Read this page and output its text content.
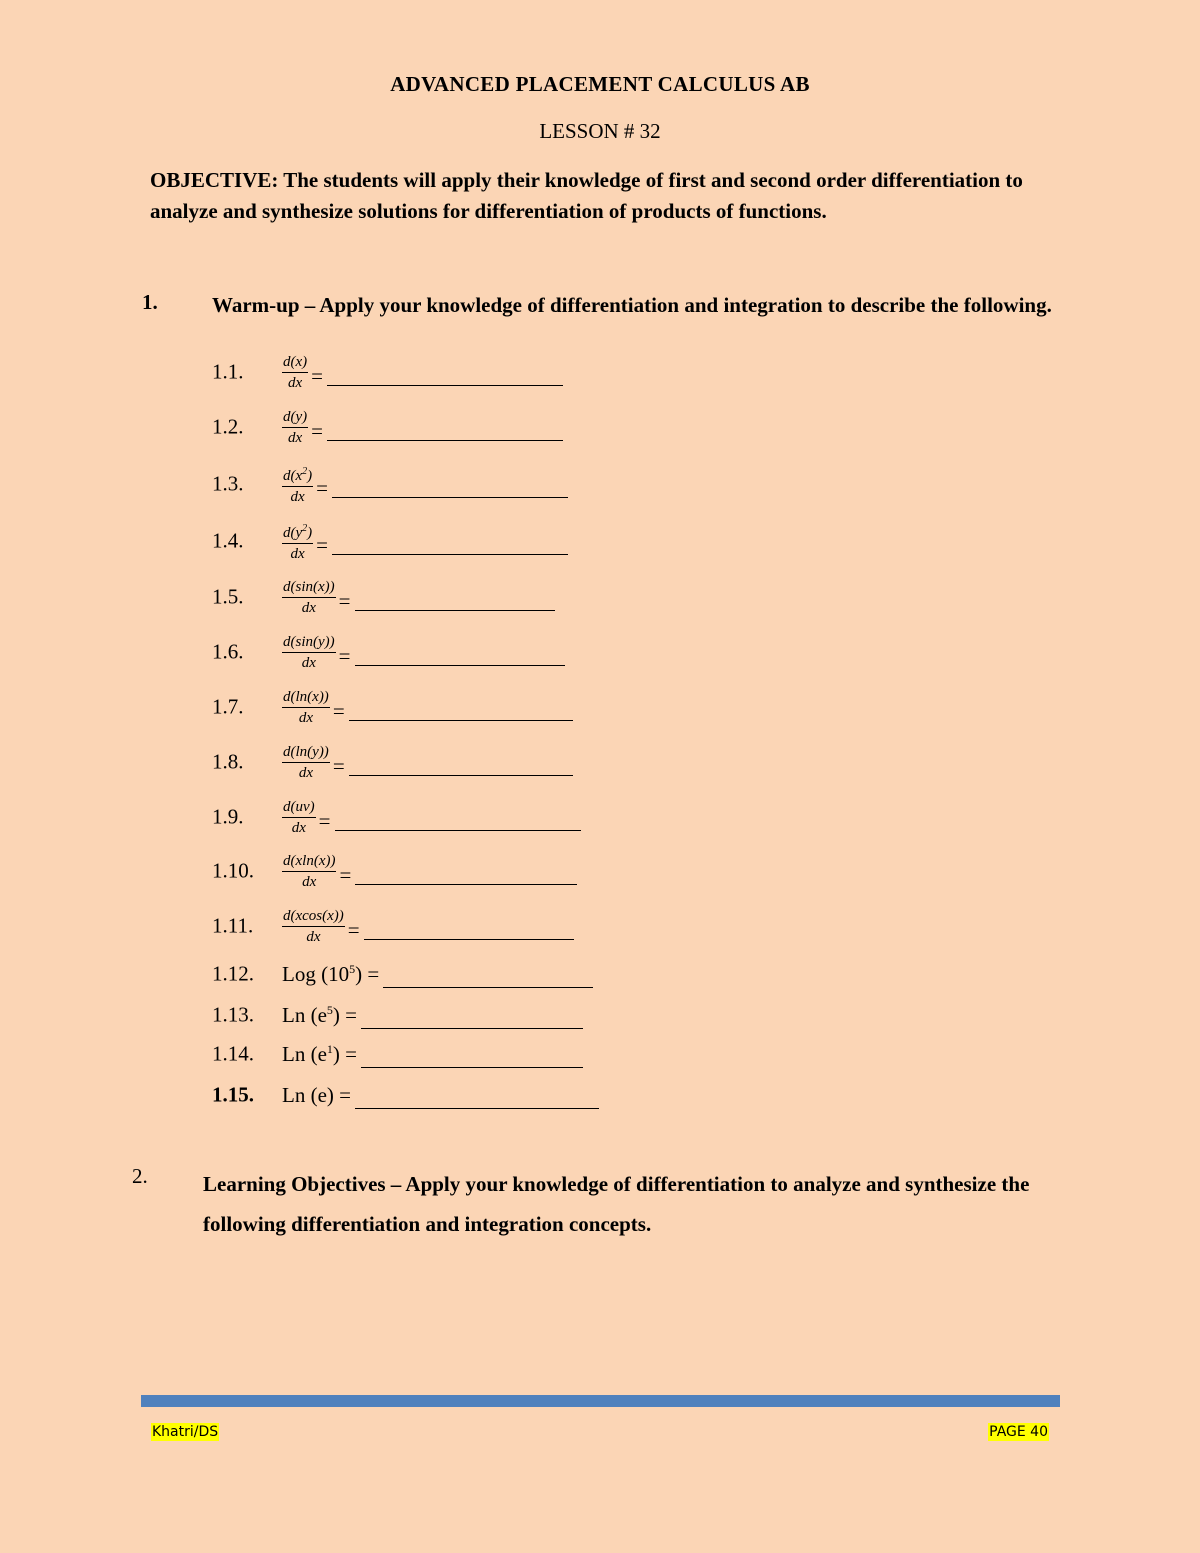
ADVANCED PLACEMENT CALCULUS AB
LESSON # 32
OBJECTIVE: The students will apply their knowledge of first and second order differentiation to analyze and synthesize solutions for differentiation of products of functions.
1.	Warm-up – Apply your knowledge of differentiation and integration to describe the following.
1.1.	$\frac{d(x)}{dx}$ =
1.2.	$\frac{d(y)}{dx}$ =
1.3.	$\frac{d(x^2)}{dx}$ =
1.4.	$\frac{d(y^2)}{dx}$ =
1.5.	$\frac{d(\sin(x))}{dx}$ =
1.6.	$\frac{d(\sin(y))}{dx}$ =
1.7.	$\frac{d(\ln(x))}{dx}$ =
1.8.	$\frac{d(\ln(y))}{dx}$ =
1.9.	$\frac{d(uv)}{dx}$ =
1.10. $\frac{d(xln(x))}{dx}$ =
1.11. $\frac{d(xcos(x))}{dx}$ =
1.12. Log $(10^5)$ =
1.13. Ln $(e^5)$ =
1.14. Ln $(e^1)$ =
1.15. Ln (e) =
2.	Learning Objectives – Apply your knowledge of differentiation to analyze and synthesize the following differentiation and integration concepts.
Khatri/DS	PAGE 40
